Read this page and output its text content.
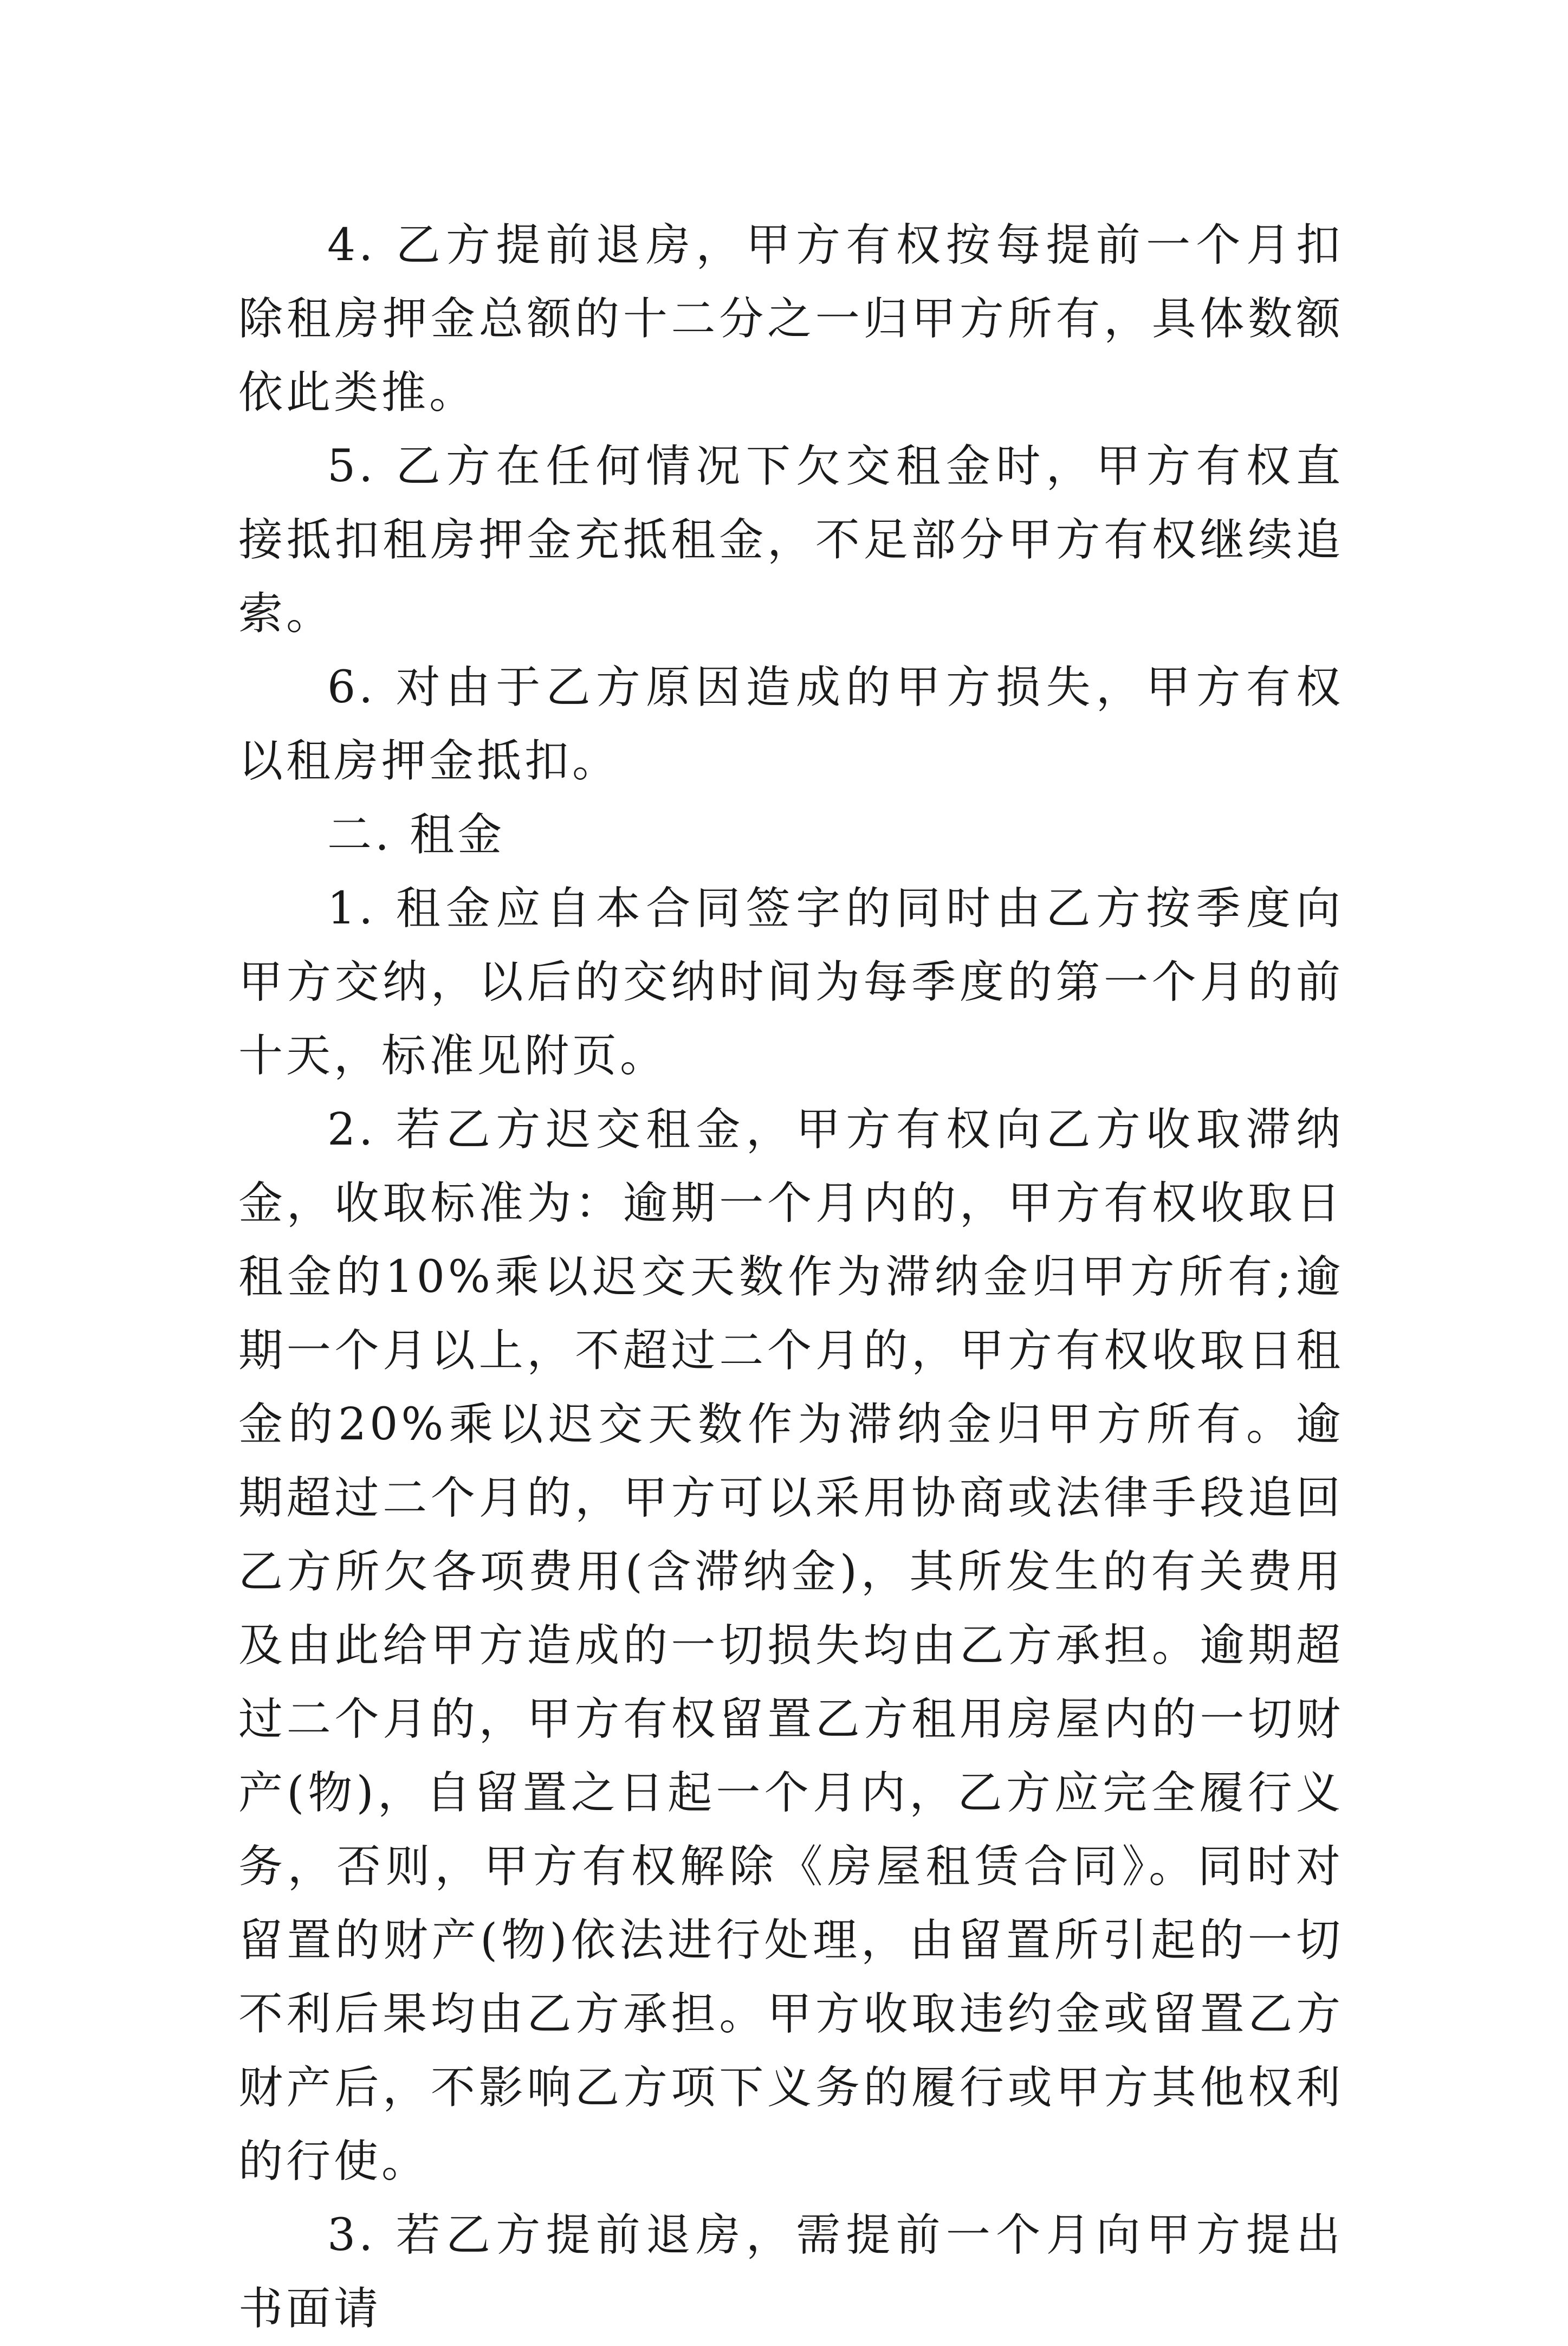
4. 乙方提前退房，甲方有权按每提前一个月扣除租房押金总额的十二分之一归甲方所有，具体数额依此类推。

5. 乙方在任何情况下欠交租金时，甲方有权直接抵扣租房押金充抵租金，不足部分甲方有权继续追索。

6. 对由于乙方原因造成的甲方损失，甲方有权以租房押金抵扣。

二. 租金

1. 租金应自本合同签字的同时由乙方按季度向甲方交纳，以后的交纳时间为每季度的第一个月的前十天，标准见附页。

2. 若乙方迟交租金，甲方有权向乙方收取滞纳金，收取标准为：逾期一个月内的，甲方有权收取日租金的10%乘以迟交天数作为滞纳金归甲方所有;逾期一个月以上，不超过二个月的，甲方有权收取日租金的20%乘以迟交天数作为滞纳金归甲方所有。逾期超过二个月的，甲方可以采用协商或法律手段追回乙方所欠各项费用(含滞纳金)，其所发生的有关费用及由此给甲方造成的一切损失均由乙方承担。逾期超过二个月的，甲方有权留置乙方租用房屋内的一切财产(物)，自留置之日起一个月内，乙方应完全履行义务，否则，甲方有权解除《房屋租赁合同》。同时对留置的财产(物)依法进行处理，由留置所引起的一切不利后果均由乙方承担。甲方收取违约金或留置乙方财产后，不影响乙方项下义务的履行或甲方其他权利的行使。

3. 若乙方提前退房，需提前一个月向甲方提出书面请
